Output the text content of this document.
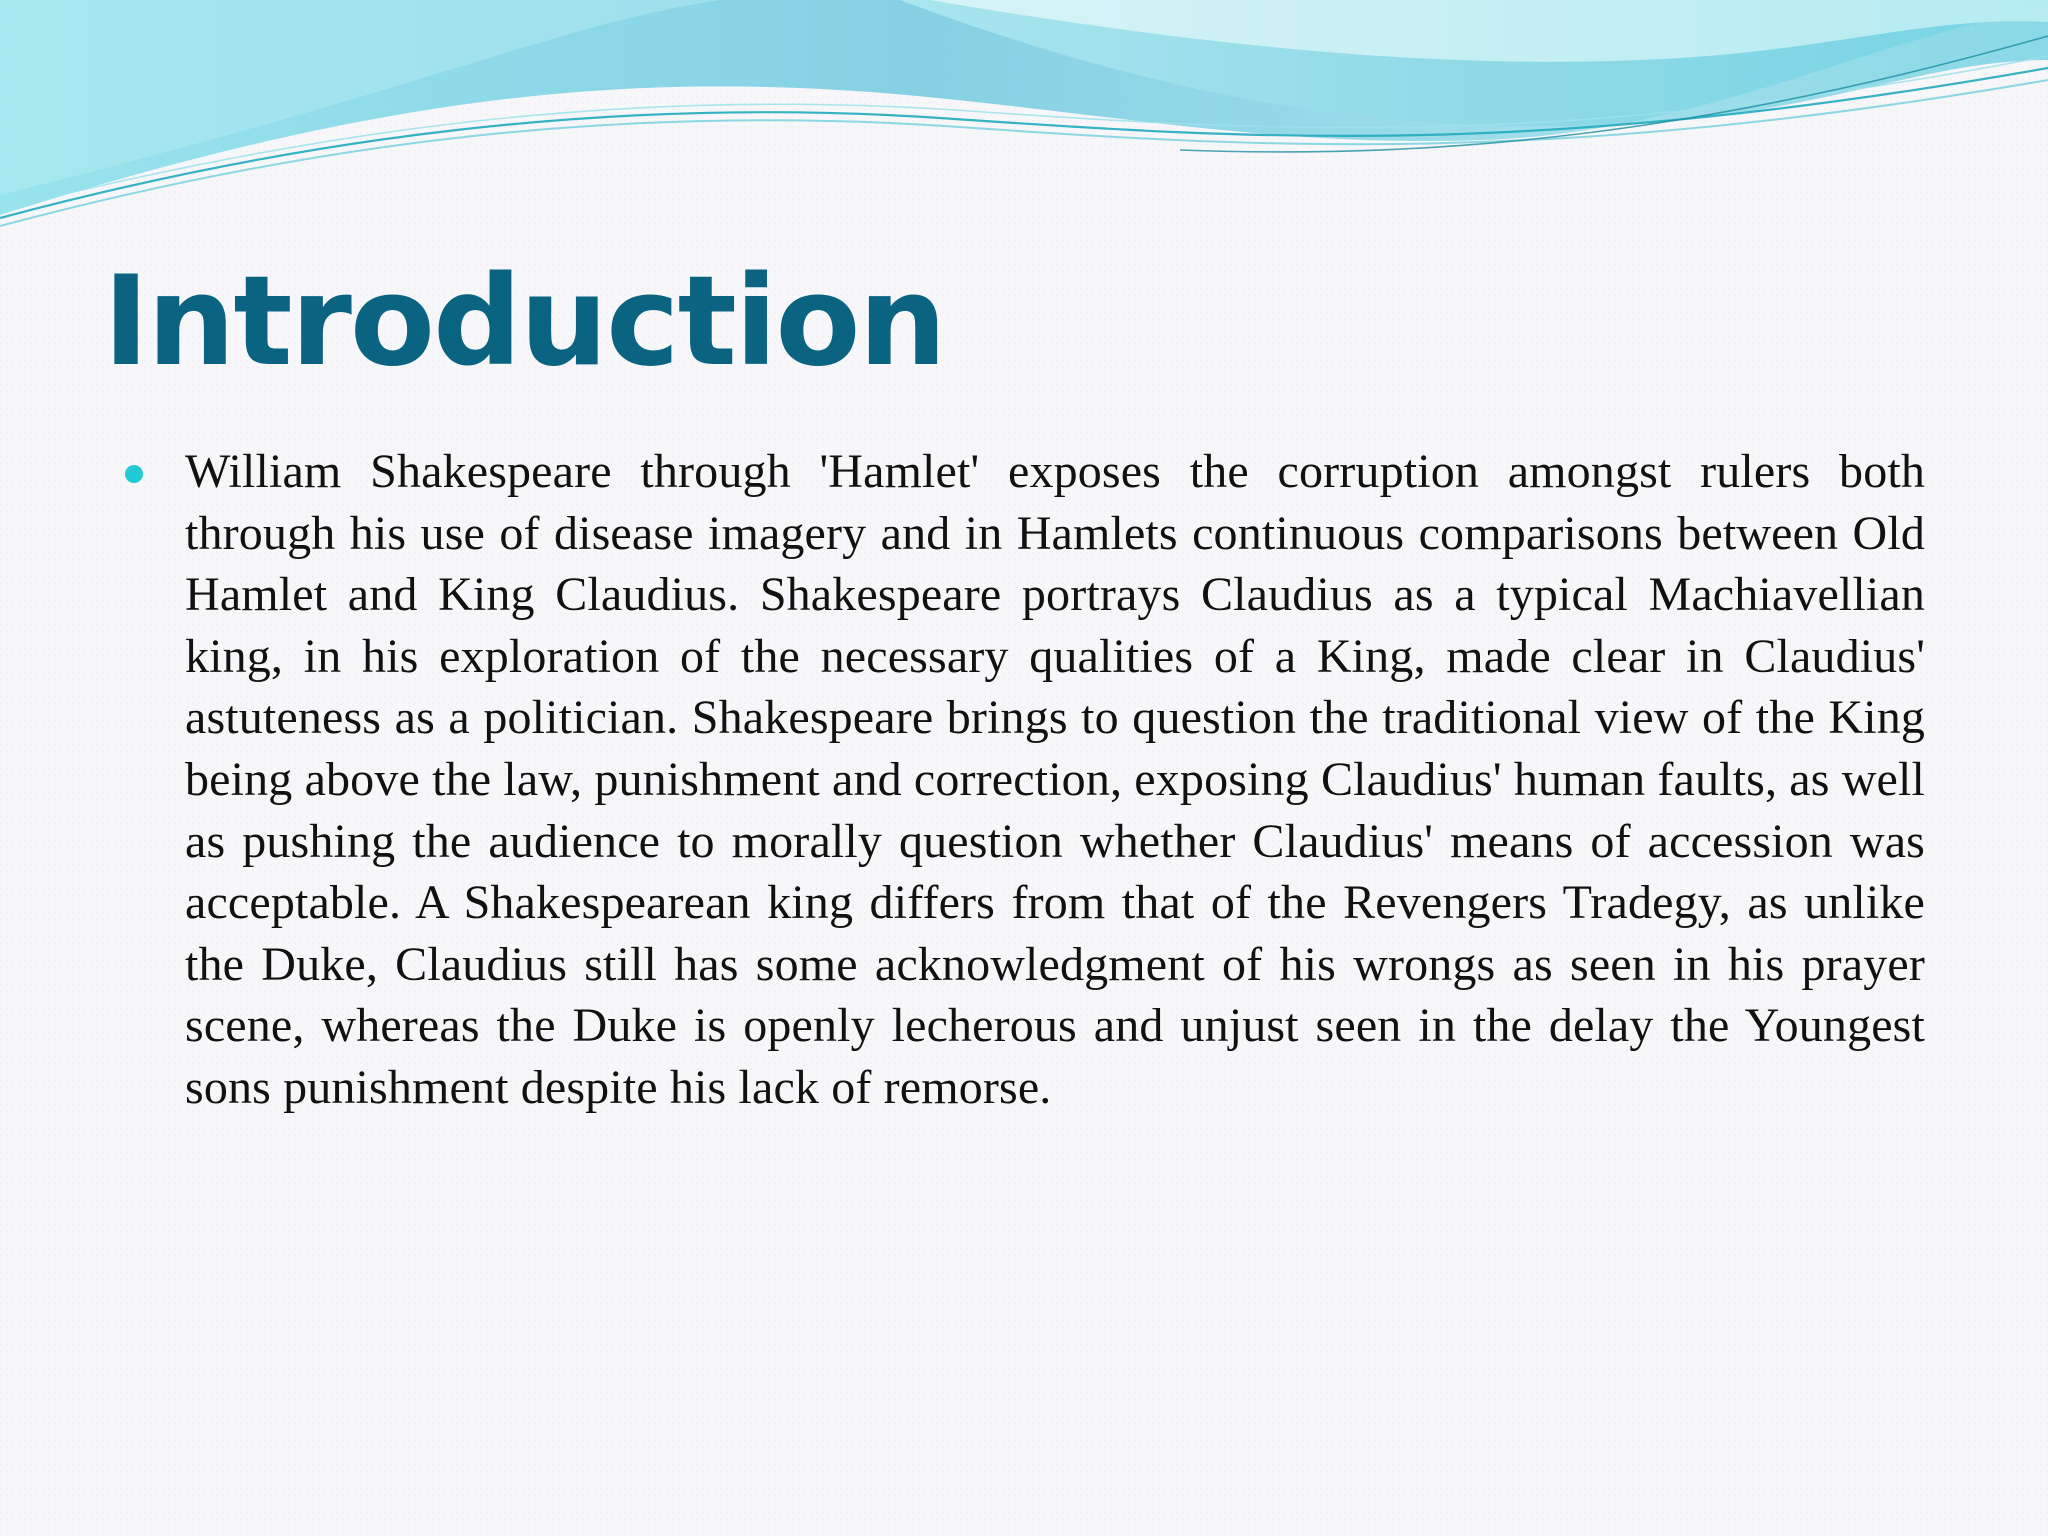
Introduction

William Shakespeare through 'Hamlet' exposes the corruption amongst rulers both through his use of disease imagery and in Hamlets continuous comparisons between Old Hamlet and King Claudius. Shakespeare portrays Claudius as a typical Machiavellian king, in his exploration of the necessary qualities of a King, made clear in Claudius' astuteness as a politician. Shakespeare brings to question the traditional view of the King being above the law, punishment and correction, exposing Claudius' human faults, as well as pushing the audience to morally question whether Claudius' means of accession was acceptable. A Shakespearean king differs from that of the Revengers Tradegy, as unlike the Duke, Claudius still has some acknowledgment of his wrongs as seen in his prayer scene, whereas the Duke is openly lecherous and unjust seen in the delay the Youngest sons punishment despite his lack of remorse.
